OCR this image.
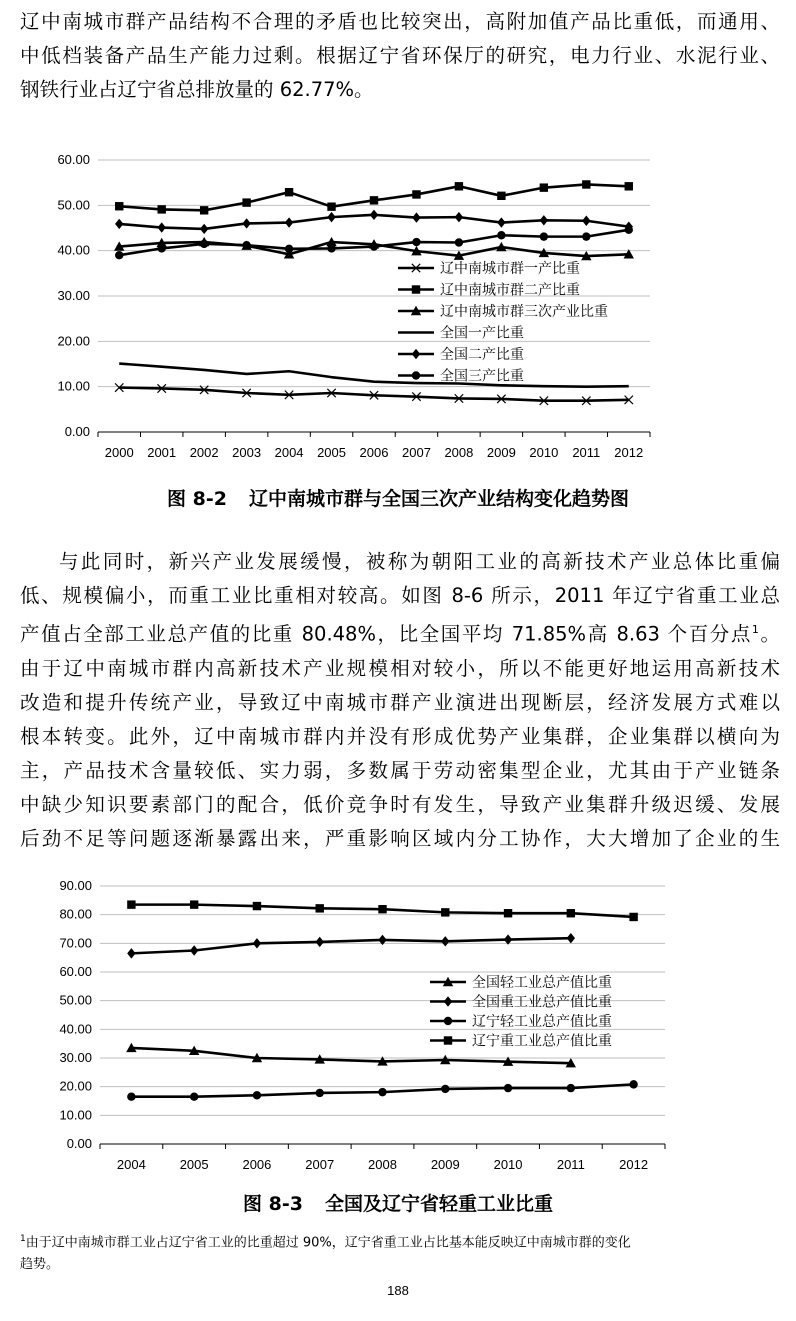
辽中南城市群产品结构不合理的矛盾也比较突出，高附加值产品比重低，而通用、
中低档装备产品生产能力过剩。根据辽宁省环保厅的研究，电力行业、水泥行业、
钢铁行业占辽宁省总排放量的 62.77%。
0.00
10.00
20.00
30.00
40.00
50.00
60.00
2000 2001 2002 2003 2004 2005 2006 2007 2008 2009 2010 2011 2012
辽中南城市群一产比重
辽中南城市群二产比重
辽中南城市群三次产业比重
全国一产比重
全国二产比重
全国三产比重
图 8-2 辽中南城市群与全国三次产业结构变化趋势图
与此同时，新兴产业发展缓慢，被称为朝阳工业的高新技术产业总体比重偏
低、规模偏小，而重工业比重相对较高。如图 8-6 所示，2011 年辽宁省重工业总
产值占全部工业总产值的比重 80.48%，比全国平均 71.85%高 8.63 个百分点$^1$。
由于辽中南城市群内高新技术产业规模相对较小，所以不能更好地运用高新技术
改造和提升传统产业，导致辽中南城市群产业演进出现断层，经济发展方式难以
根本转变。此外，辽中南城市群内并没有形成优势产业集群，企业集群以横向为
主，产品技术含量较低、实力弱，多数属于劳动密集型企业，尤其由于产业链条
中缺少知识要素部门的配合，低价竞争时有发生，导致产业集群升级迟缓、发展
后劲不足等问题逐渐暴露出来，严重影响区域内分工协作，大大增加了企业的生
0.00
10.00
20.00
30.00
40.00
50.00
60.00
70.00
80.00
90.00
2004	2005	2006	2007	2008	2009	2010	2011	2012
全国轻工业总产值比重
全国重工业总产值比重
辽宁轻工业总产值比重
辽宁重工业总产值比重
图 8-3 全国及辽宁省轻重工业比重
$^1$由于辽中南城市群工业占辽宁省工业的比重超过 90%，辽宁省重工业占比基本能反映辽中南城市群的变化
趋势。
188
